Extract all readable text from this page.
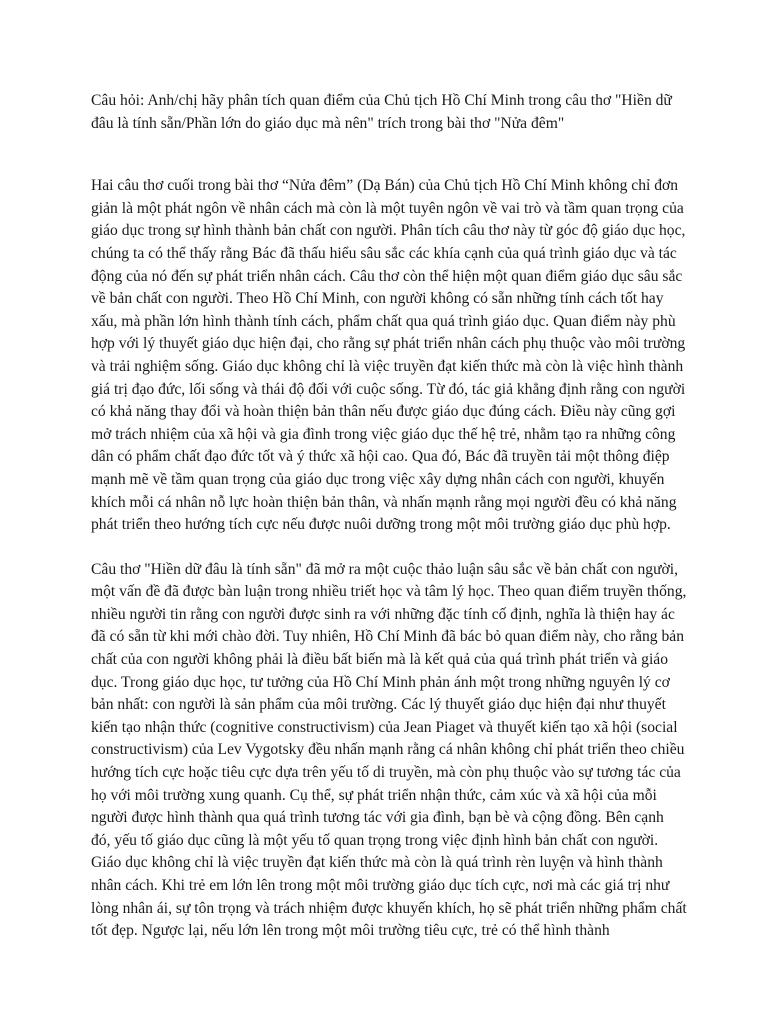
Câu hỏi: Anh/chị hãy phân tích quan điểm của Chủ tịch Hồ Chí Minh trong câu thơ "Hiền dữ đâu là tính sẵn/Phần lớn do giáo dục mà nên" trích trong bài thơ "Nửa đêm"

Hai câu thơ cuối trong bài thơ “Nửa đêm” (Dạ Bán) của Chủ tịch Hồ Chí Minh không chỉ đơn giản là một phát ngôn về nhân cách mà còn là một tuyên ngôn về vai trò và tầm quan trọng của giáo dục trong sự hình thành bản chất con người. Phân tích câu thơ này từ góc độ giáo dục học, chúng ta có thể thấy rằng Bác đã thấu hiểu sâu sắc các khía cạnh của quá trình giáo dục và tác động của nó đến sự phát triển nhân cách. Câu thơ còn thể hiện một quan điểm giáo dục sâu sắc về bản chất con người. Theo Hồ Chí Minh, con người không có sẵn những tính cách tốt hay xấu, mà phần lớn hình thành tính cách, phẩm chất qua quá trình giáo dục. Quan điểm này phù hợp với lý thuyết giáo dục hiện đại, cho rằng sự phát triển nhân cách phụ thuộc vào môi trường và trải nghiệm sống. Giáo dục không chỉ là việc truyền đạt kiến thức mà còn là việc hình thành giá trị đạo đức, lối sống và thái độ đối với cuộc sống. Từ đó, tác giả khẳng định rằng con người có khả năng thay đổi và hoàn thiện bản thân nếu được giáo dục đúng cách. Điều này cũng gợi mở trách nhiệm của xã hội và gia đình trong việc giáo dục thế hệ trẻ, nhằm tạo ra những công dân có phẩm chất đạo đức tốt và ý thức xã hội cao. Qua đó, Bác đã truyền tải một thông điệp mạnh mẽ về tầm quan trọng của giáo dục trong việc xây dựng nhân cách con người, khuyến khích mỗi cá nhân nỗ lực hoàn thiện bản thân, và nhấn mạnh rằng mọi người đều có khả năng phát triển theo hướng tích cực nếu được nuôi dưỡng trong một môi trường giáo dục phù hợp.

Câu thơ "Hiền dữ đâu là tính sẵn" đã mở ra một cuộc thảo luận sâu sắc về bản chất con người, một vấn đề đã được bàn luận trong nhiều triết học và tâm lý học. Theo quan điểm truyền thống, nhiều người tin rằng con người được sinh ra với những đặc tính cố định, nghĩa là thiện hay ác đã có sẵn từ khi mới chào đời. Tuy nhiên, Hồ Chí Minh đã bác bỏ quan điểm này, cho rằng bản chất của con người không phải là điều bất biến mà là kết quả của quá trình phát triển và giáo dục. Trong giáo dục học, tư tưởng của Hồ Chí Minh phản ánh một trong những nguyên lý cơ bản nhất: con người là sản phẩm của môi trường. Các lý thuyết giáo dục hiện đại như thuyết kiến tạo nhận thức (cognitive constructivism) của Jean Piaget và thuyết kiến tạo xã hội (social constructivism) của Lev Vygotsky đều nhấn mạnh rằng cá nhân không chỉ phát triển theo chiều hướng tích cực hoặc tiêu cực dựa trên yếu tố di truyền, mà còn phụ thuộc vào sự tương tác của họ với môi trường xung quanh. Cụ thể, sự phát triển nhận thức, cảm xúc và xã hội của mỗi người được hình thành qua quá trình tương tác với gia đình, bạn bè và cộng đồng. Bên cạnh đó, yếu tố giáo dục cũng là một yếu tố quan trọng trong việc định hình bản chất con người. Giáo dục không chỉ là việc truyền đạt kiến thức mà còn là quá trình rèn luyện và hình thành nhân cách. Khi trẻ em lớn lên trong một môi trường giáo dục tích cực, nơi mà các giá trị như lòng nhân ái, sự tôn trọng và trách nhiệm được khuyến khích, họ sẽ phát triển những phẩm chất tốt đẹp. Ngược lại, nếu lớn lên trong một môi trường tiêu cực, trẻ có thể hình thành
